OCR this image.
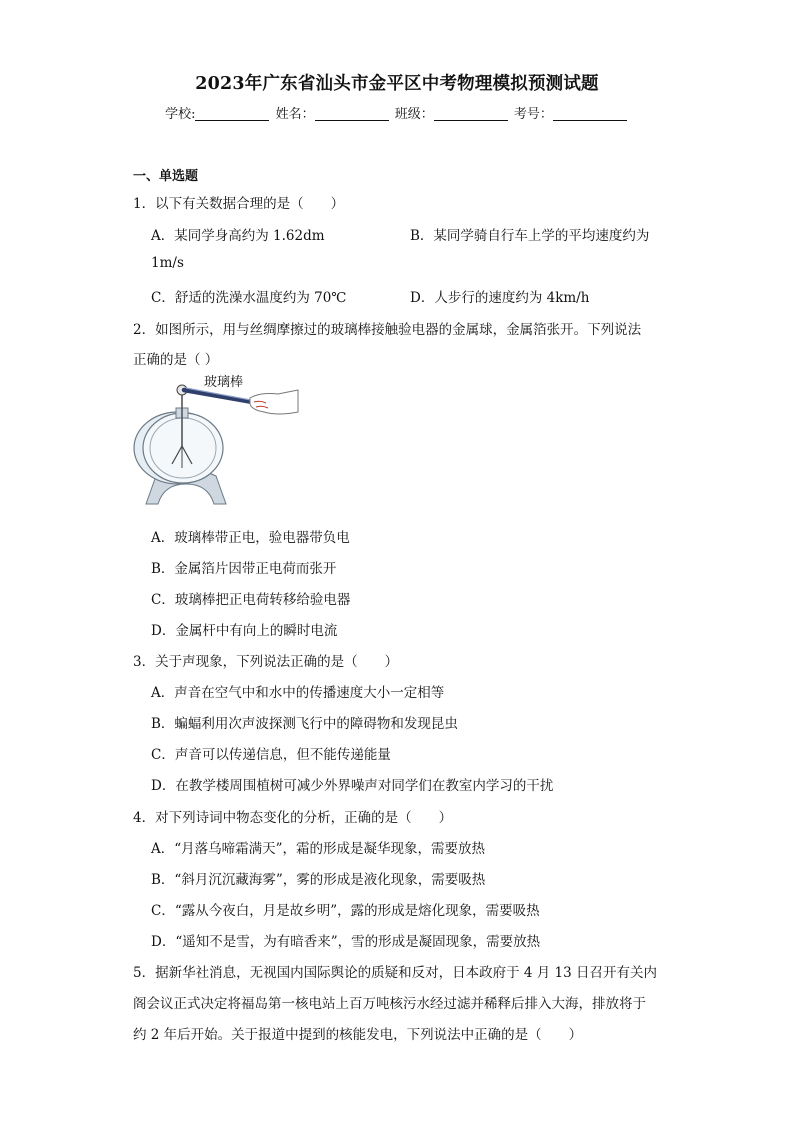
2023年广东省汕头市金平区中考物理模拟预测试题
学校:	姓名：	班级：	考号：
一、单选题
1．以下有关数据合理的是（　　）
A．某同学身高约为 1.62dm	B．某同学骑自行车上学的平均速度约为
1m/s
C．舒适的洗澡水温度约为 70℃	D．人步行的速度约为 4km/h
2．如图所示，用与丝绸摩擦过的玻璃棒接触验电器的金属球，金属箔张开。下列说法
正确的是（ ）
玻璃棒
A．玻璃棒带正电，验电器带负电
B．金属箔片因带正电荷而张开
C．玻璃棒把正电荷转移给验电器
D．金属杆中有向上的瞬时电流
3．关于声现象，下列说法正确的是（　　）
A．声音在空气中和水中的传播速度大小一定相等
B．蝙蝠利用次声波探测飞行中的障碍物和发现昆虫
C．声音可以传递信息，但不能传递能量
D．在教学楼周围植树可减少外界噪声对同学们在教室内学习的干扰
4．对下列诗词中物态变化的分析，正确的是（　　）
A．“月落乌啼霜满天”，霜的形成是凝华现象，需要放热
B．“斜月沉沉藏海雾”，雾的形成是液化现象，需要吸热
C．“露从今夜白，月是故乡明”，露的形成是熔化现象，需要吸热
D．“遥知不是雪，为有暗香来”，雪的形成是凝固现象，需要放热
5．据新华社消息，无视国内国际舆论的质疑和反对，日本政府于 4 月 13 日召开有关内
阁会议正式决定将福岛第一核电站上百万吨核污水经过滤并稀释后排入大海，排放将于
约 2 年后开始。关于报道中提到的核能发电，下列说法中正确的是（　　）
